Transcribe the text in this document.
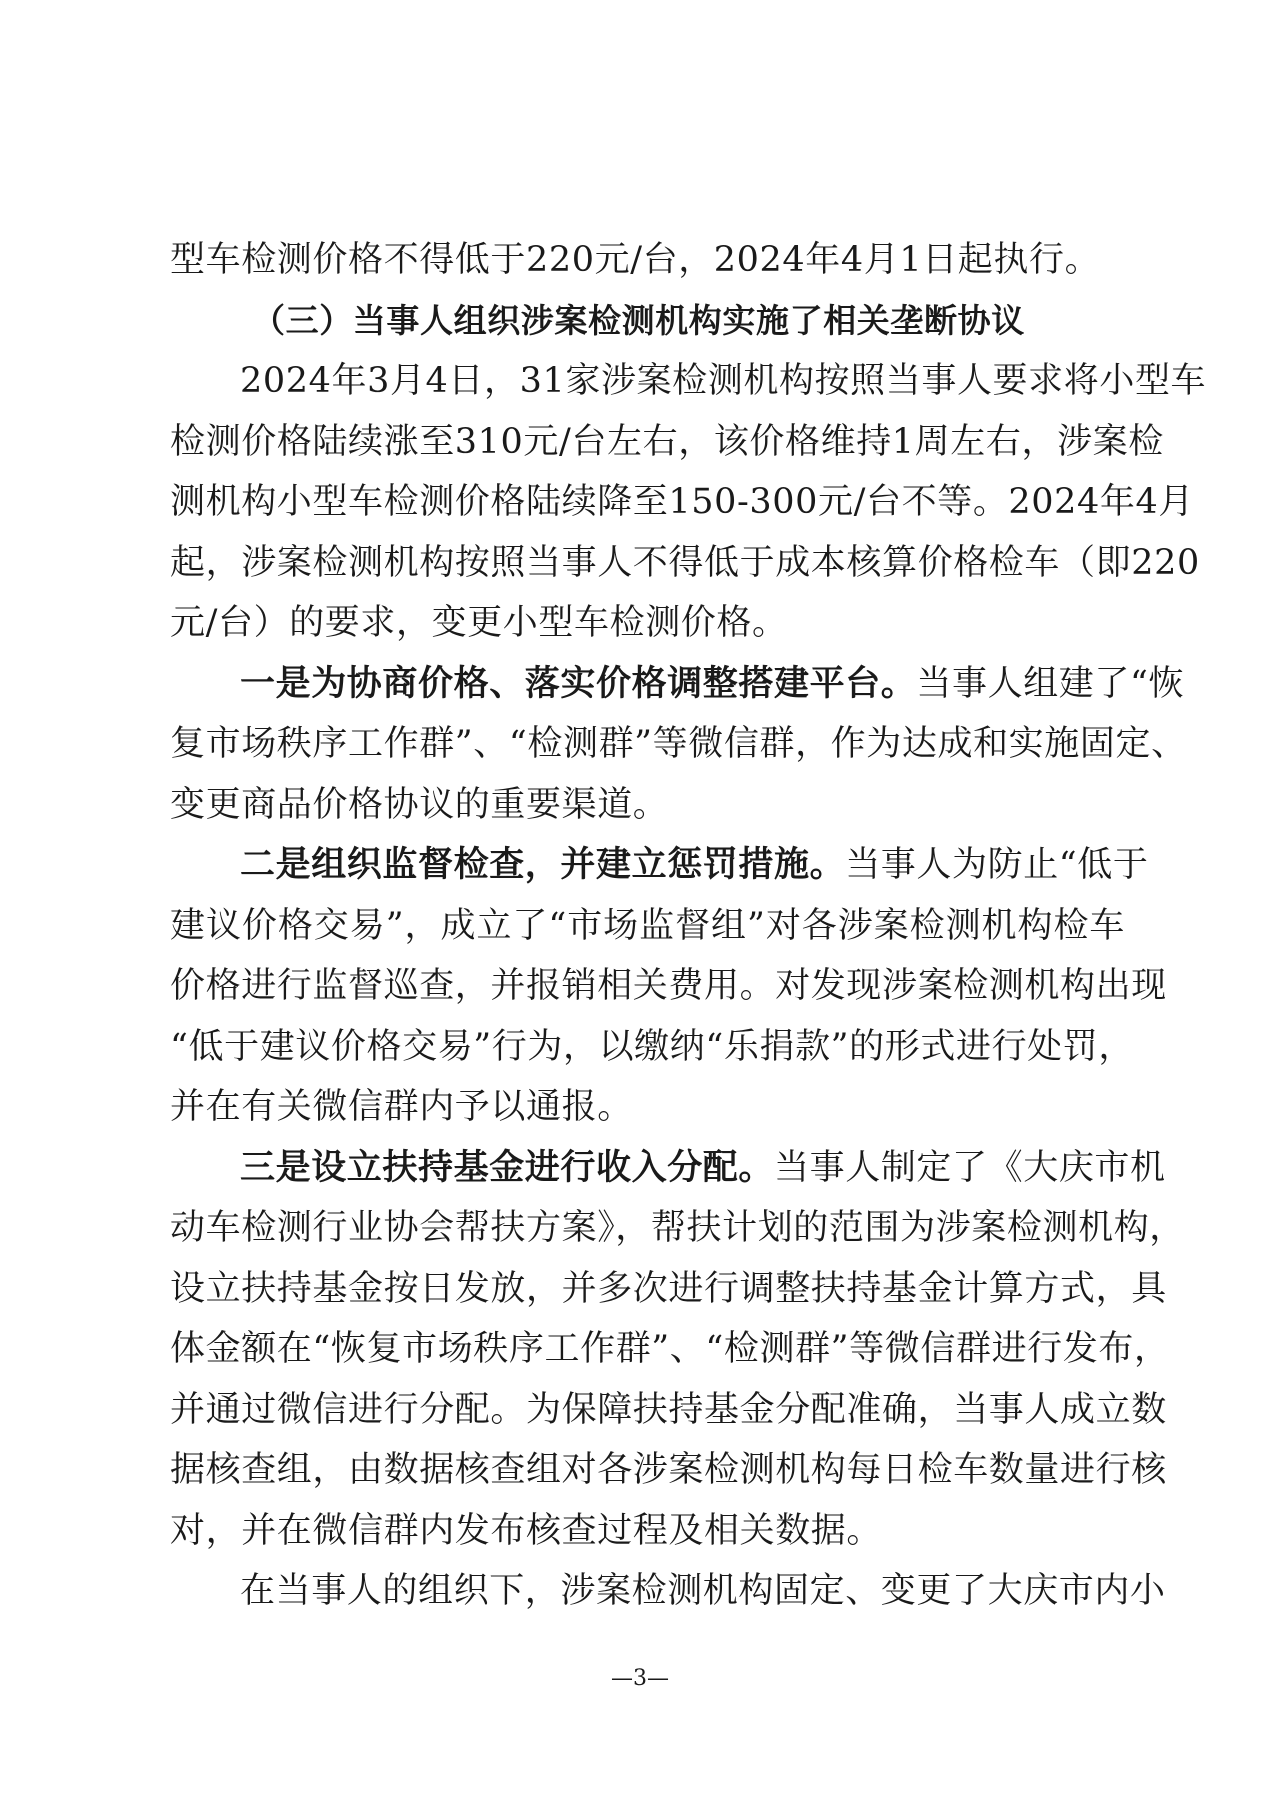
型车检测价格不得低于220元/台，2024年4月1日起执行。
（三）当事人组织涉案检测机构实施了相关垄断协议
2024年3月4日，31家涉案检测机构按照当事人要求将小型车
检测价格陆续涨至310元/台左右，该价格维持1周左右，涉案检
测机构小型车检测价格陆续降至150-300元/台不等。2024年4月
起，涉案检测机构按照当事人不得低于成本核算价格检车（即220
元/台）的要求，变更小型车检测价格。
一是为协商价格、落实价格调整搭建平台。当事人组建了“恢
复市场秩序工作群”、“检测群”等微信群，作为达成和实施固定、
变更商品价格协议的重要渠道。
二是组织监督检查，并建立惩罚措施。当事人为防止“低于
建议价格交易”，成立了“市场监督组”对各涉案检测机构检车
价格进行监督巡查，并报销相关费用。对发现涉案检测机构出现
“低于建议价格交易”行为，以缴纳“乐捐款”的形式进行处罚，
并在有关微信群内予以通报。
三是设立扶持基金进行收入分配。当事人制定了《大庆市机
动车检测行业协会帮扶方案》，帮扶计划的范围为涉案检测机构，
设立扶持基金按日发放，并多次进行调整扶持基金计算方式，具
体金额在“恢复市场秩序工作群”、“检测群”等微信群进行发布，
并通过微信进行分配。为保障扶持基金分配准确，当事人成立数
据核查组，由数据核查组对各涉案检测机构每日检车数量进行核
对，并在微信群内发布核查过程及相关数据。
在当事人的组织下，涉案检测机构固定、变更了大庆市内小
—3—
